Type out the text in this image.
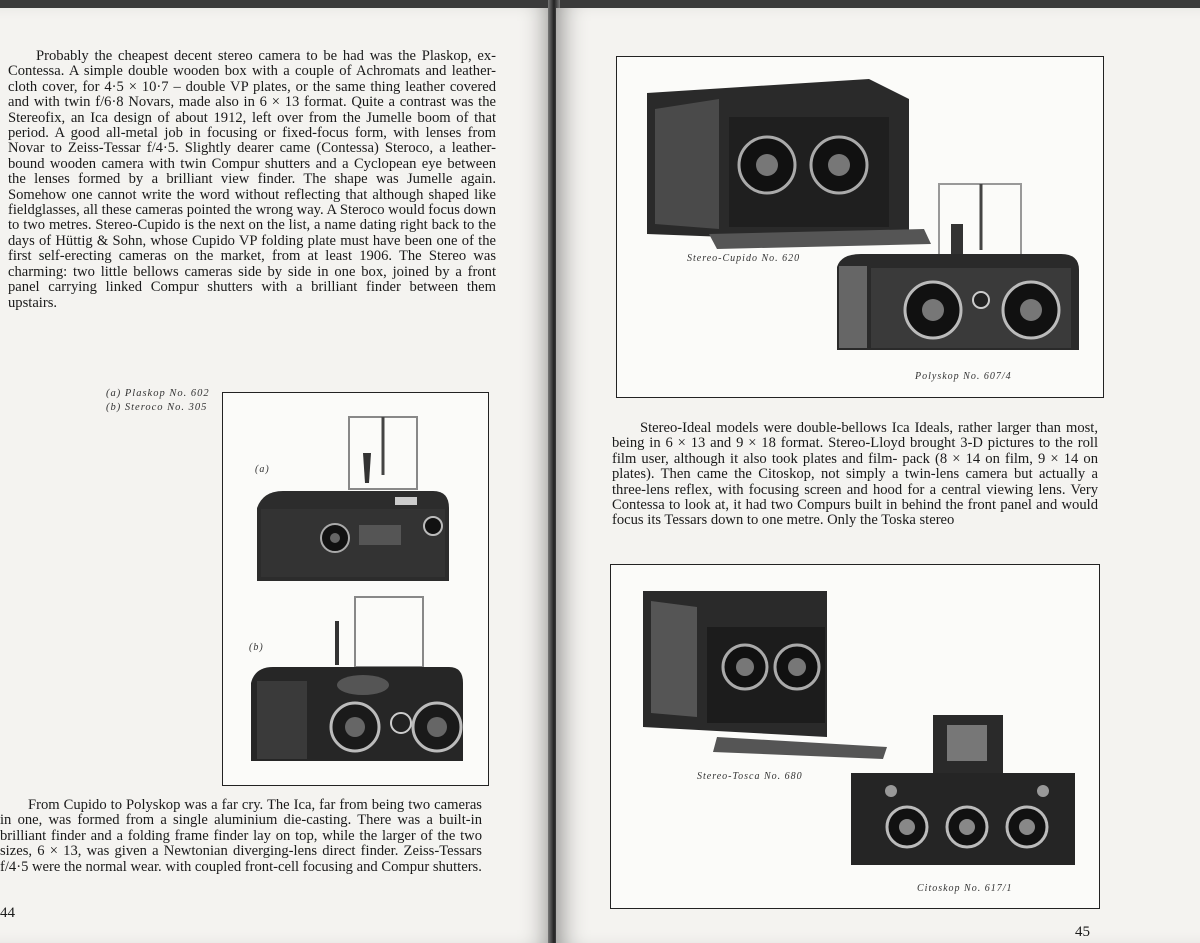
Probably the cheapest decent stereo camera to be had was the Plaskop, ex-Contessa. A simple double wooden box with a couple of Achromats and leather-cloth cover, for 4·5 × 10·7 – double VP plates, or the same thing leather covered and with twin f/6·8 Novars, made also in 6 × 13 format. Quite a contrast was the Stereofix, an Ica design of about 1912, left over from the Jumelle boom of that period. A good all-metal job in focusing or fixed-focus form, with lenses from Novar to Zeiss-Tessar f/4·5. Slightly dearer came (Contessa) Steroco, a leather-bound wooden camera with twin Compur shutters and a Cyclopean eye between the lenses formed by a brilliant view finder. The shape was Jumelle again. Somehow one cannot write the word without reflecting that although shaped like fieldglasses, all these cameras pointed the wrong way. A Steroco would focus down to two metres. Stereo-Cupido is the next on the list, a name dating right back to the days of Hüttig & Sohn, whose Cupido VP folding plate must have been one of the first self-erecting cameras on the market, from at least 1906. The Stereo was charming: two little bellows cameras side by side in one box, joined by a front panel carrying linked Compur shutters with a brilliant finder between them upstairs.

(a) Plaskop No. 602
(b) Steroco No. 305
(a)
(b)

From Cupido to Polyskop was a far cry. The Ica, far from being two cameras in one, was formed from a single aluminium die-casting. There was a built-in brilliant finder and a folding frame finder lay on top, while the larger of the two sizes, 6 × 13, was given a Newtonian diverging-lens direct finder. Zeiss-Tessars f/4·5 were the normal wear. with coupled front-cell focusing and Compur shutters.

44
Stereo-Cupido No. 620
Polyskop No. 607/4

Stereo-Ideal models were double-bellows Ica Ideals, rather larger than most, being in 6 × 13 and 9 × 18 format. Stereo-Lloyd brought 3-D pictures to the roll film user, although it also took plates and film- pack (8 × 14 on film, 9 × 14 on plates). Then came the Citoskop, not simply a twin-lens camera but actually a three-lens reflex, with focusing screen and hood for a central viewing lens. Very Contessa to look at, it had two Compurs built in behind the front panel and would focus its Tessars down to one metre. Only the Toska stereo

Stereo-Tosca No. 680
Citoskop No. 617/1
45
